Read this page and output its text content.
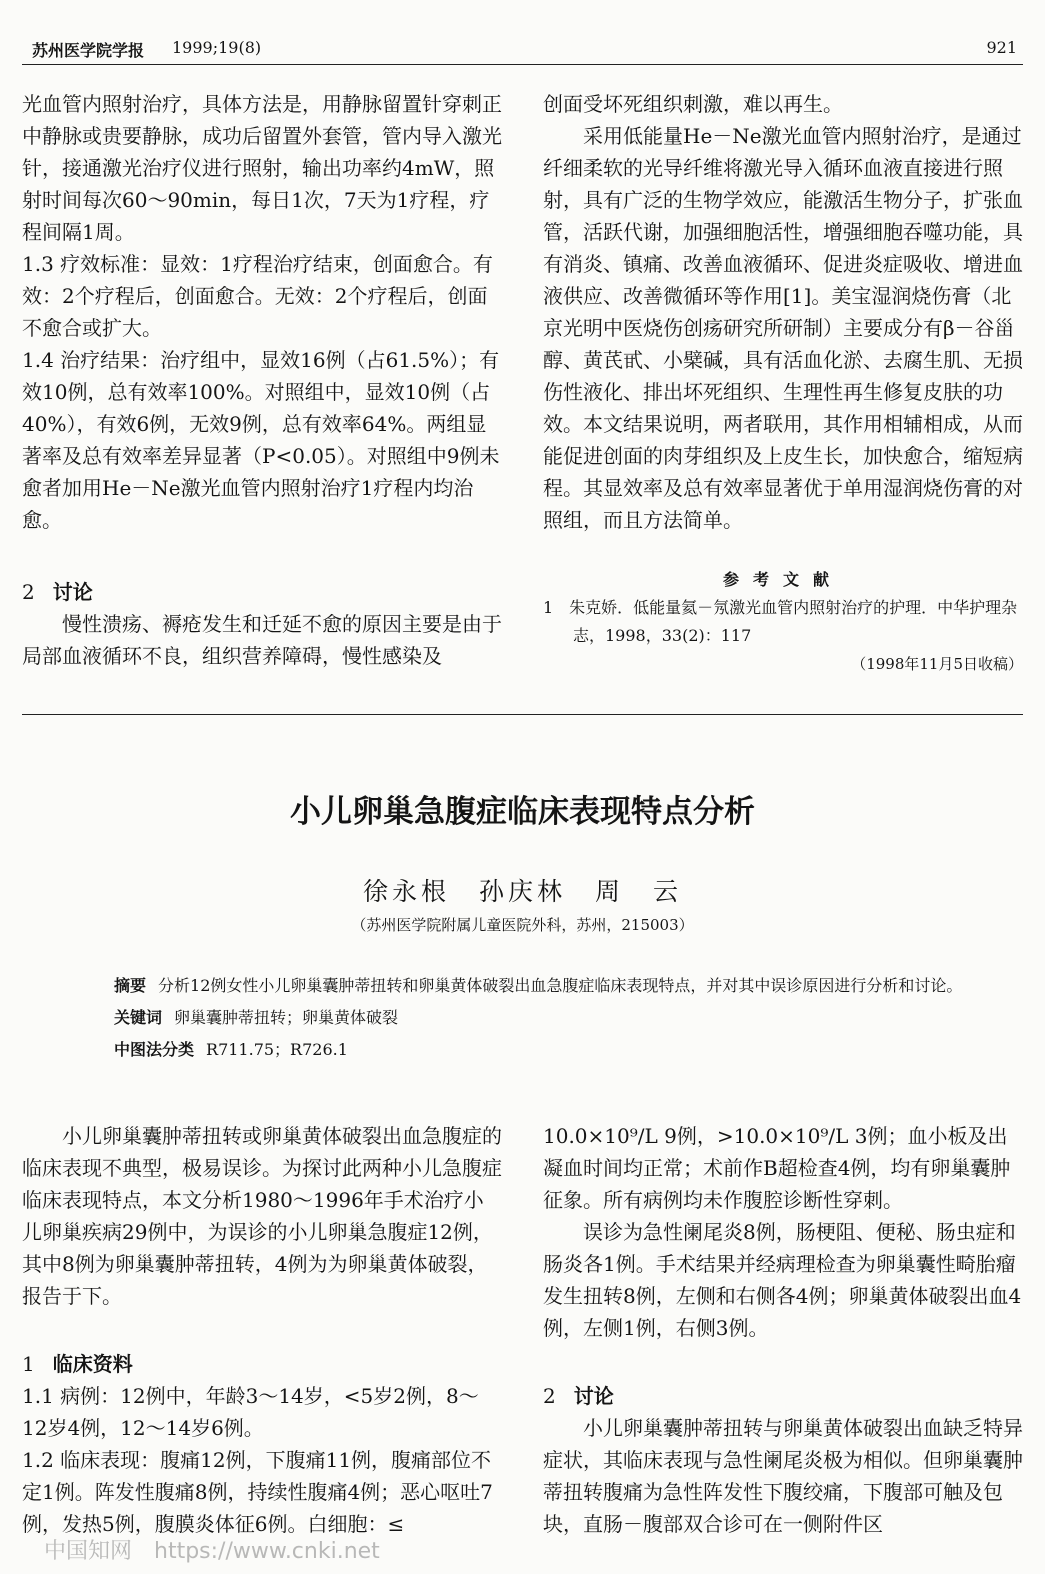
苏州医学院学报 1999;19(8)	921

光血管内照射治疗，具体方法是，用静脉留置针穿刺正中静脉或贵要静脉，成功后留置外套管，管内导入激光针，接通激光治疗仪进行照射，输出功率约4mW，照射时间每次60～90min，每日1次，7天为1疗程，疗程间隔1周。

1.3 疗效标准：显效：1疗程治疗结束，创面愈合。有效：2个疗程后，创面愈合。无效：2个疗程后，创面不愈合或扩大。

1.4 治疗结果：治疗组中，显效16例（占61.5%）；有效10例，总有效率100%。对照组中，显效10例（占40%），有效6例，无效9例，总有效率64%。两组显著率及总有效率差异显著（P<0.05）。对照组中9例未愈者加用He－Ne激光血管内照射治疗1疗程内均治愈。

2 讨论

慢性溃疡、褥疮发生和迁延不愈的原因主要是由于局部血液循环不良，组织营养障碍，慢性感染及

创面受坏死组织刺激，难以再生。

采用低能量He－Ne激光血管内照射治疗，是通过纤细柔软的光导纤维将激光导入循环血液直接进行照射，具有广泛的生物学效应，能激活生物分子，扩张血管，活跃代谢，加强细胞活性，增强细胞吞噬功能，具有消炎、镇痛、改善血液循环、促进炎症吸收、增进血液供应、改善微循环等作用[1]。美宝湿润烧伤膏（北京光明中医烧伤创疡研究所研制）主要成分有β－谷甾醇、黄芪甙、小檗碱，具有活血化淤、去腐生肌、无损伤性液化、排出坏死组织、生理性再生修复皮肤的功效。本文结果说明，两者联用，其作用相辅相成，从而能促进创面的肉芽组织及上皮生长，加快愈合，缩短病程。其显效率及总有效率显著优于单用湿润烧伤膏的对照组，而且方法简单。

参考文献

1　朱克娇．低能量氦－氖激光血管内照射治疗的护理．中华护理杂志，1998，33(2)：117

（1998年11月5日收稿）

小儿卵巢急腹症临床表现特点分析
徐永根　孙庆林　周　云
（苏州医学院附属儿童医院外科，苏州，215003）

摘要 分析12例女性小儿卵巢囊肿蒂扭转和卵巢黄体破裂出血急腹症临床表现特点，并对其中误诊原因进行分析和讨论。

关键词 卵巢囊肿蒂扭转；卵巢黄体破裂

中图法分类 R711.75；R726.1

小儿卵巢囊肿蒂扭转或卵巢黄体破裂出血急腹症的临床表现不典型，极易误诊。为探讨此两种小儿急腹症临床表现特点，本文分析1980～1996年手术治疗小儿卵巢疾病29例中，为误诊的小儿卵巢急腹症12例，其中8例为卵巢囊肿蒂扭转，4例为为卵巢黄体破裂，报告于下。

1 临床资料

1.1 病例：12例中，年龄3～14岁，<5岁2例，8～12岁4例，12～14岁6例。

1.2 临床表现：腹痛12例，下腹痛11例，腹痛部位不定1例。阵发性腹痛8例，持续性腹痛4例；恶心呕吐7例，发热5例，腹膜炎体征6例。白细胞：≤

10.0×10⁹/L 9例，>10.0×10⁹/L 3例；血小板及出凝血时间均正常；术前作B超检查4例，均有卵巢囊肿征象。所有病例均未作腹腔诊断性穿刺。

误诊为急性阑尾炎8例，肠梗阻、便秘、肠虫症和肠炎各1例。手术结果并经病理检查为卵巢囊性畸胎瘤发生扭转8例，左侧和右侧各4例；卵巢黄体破裂出血4例，左侧1例，右侧3例。

2 讨论

小儿卵巢囊肿蒂扭转与卵巢黄体破裂出血缺乏特异症状，其临床表现与急性阑尾炎极为相似。但卵巢囊肿蒂扭转腹痛为急性阵发性下腹绞痛，下腹部可触及包块，直肠－腹部双合诊可在一侧附件区

中国知网　https://www.cnki.net
